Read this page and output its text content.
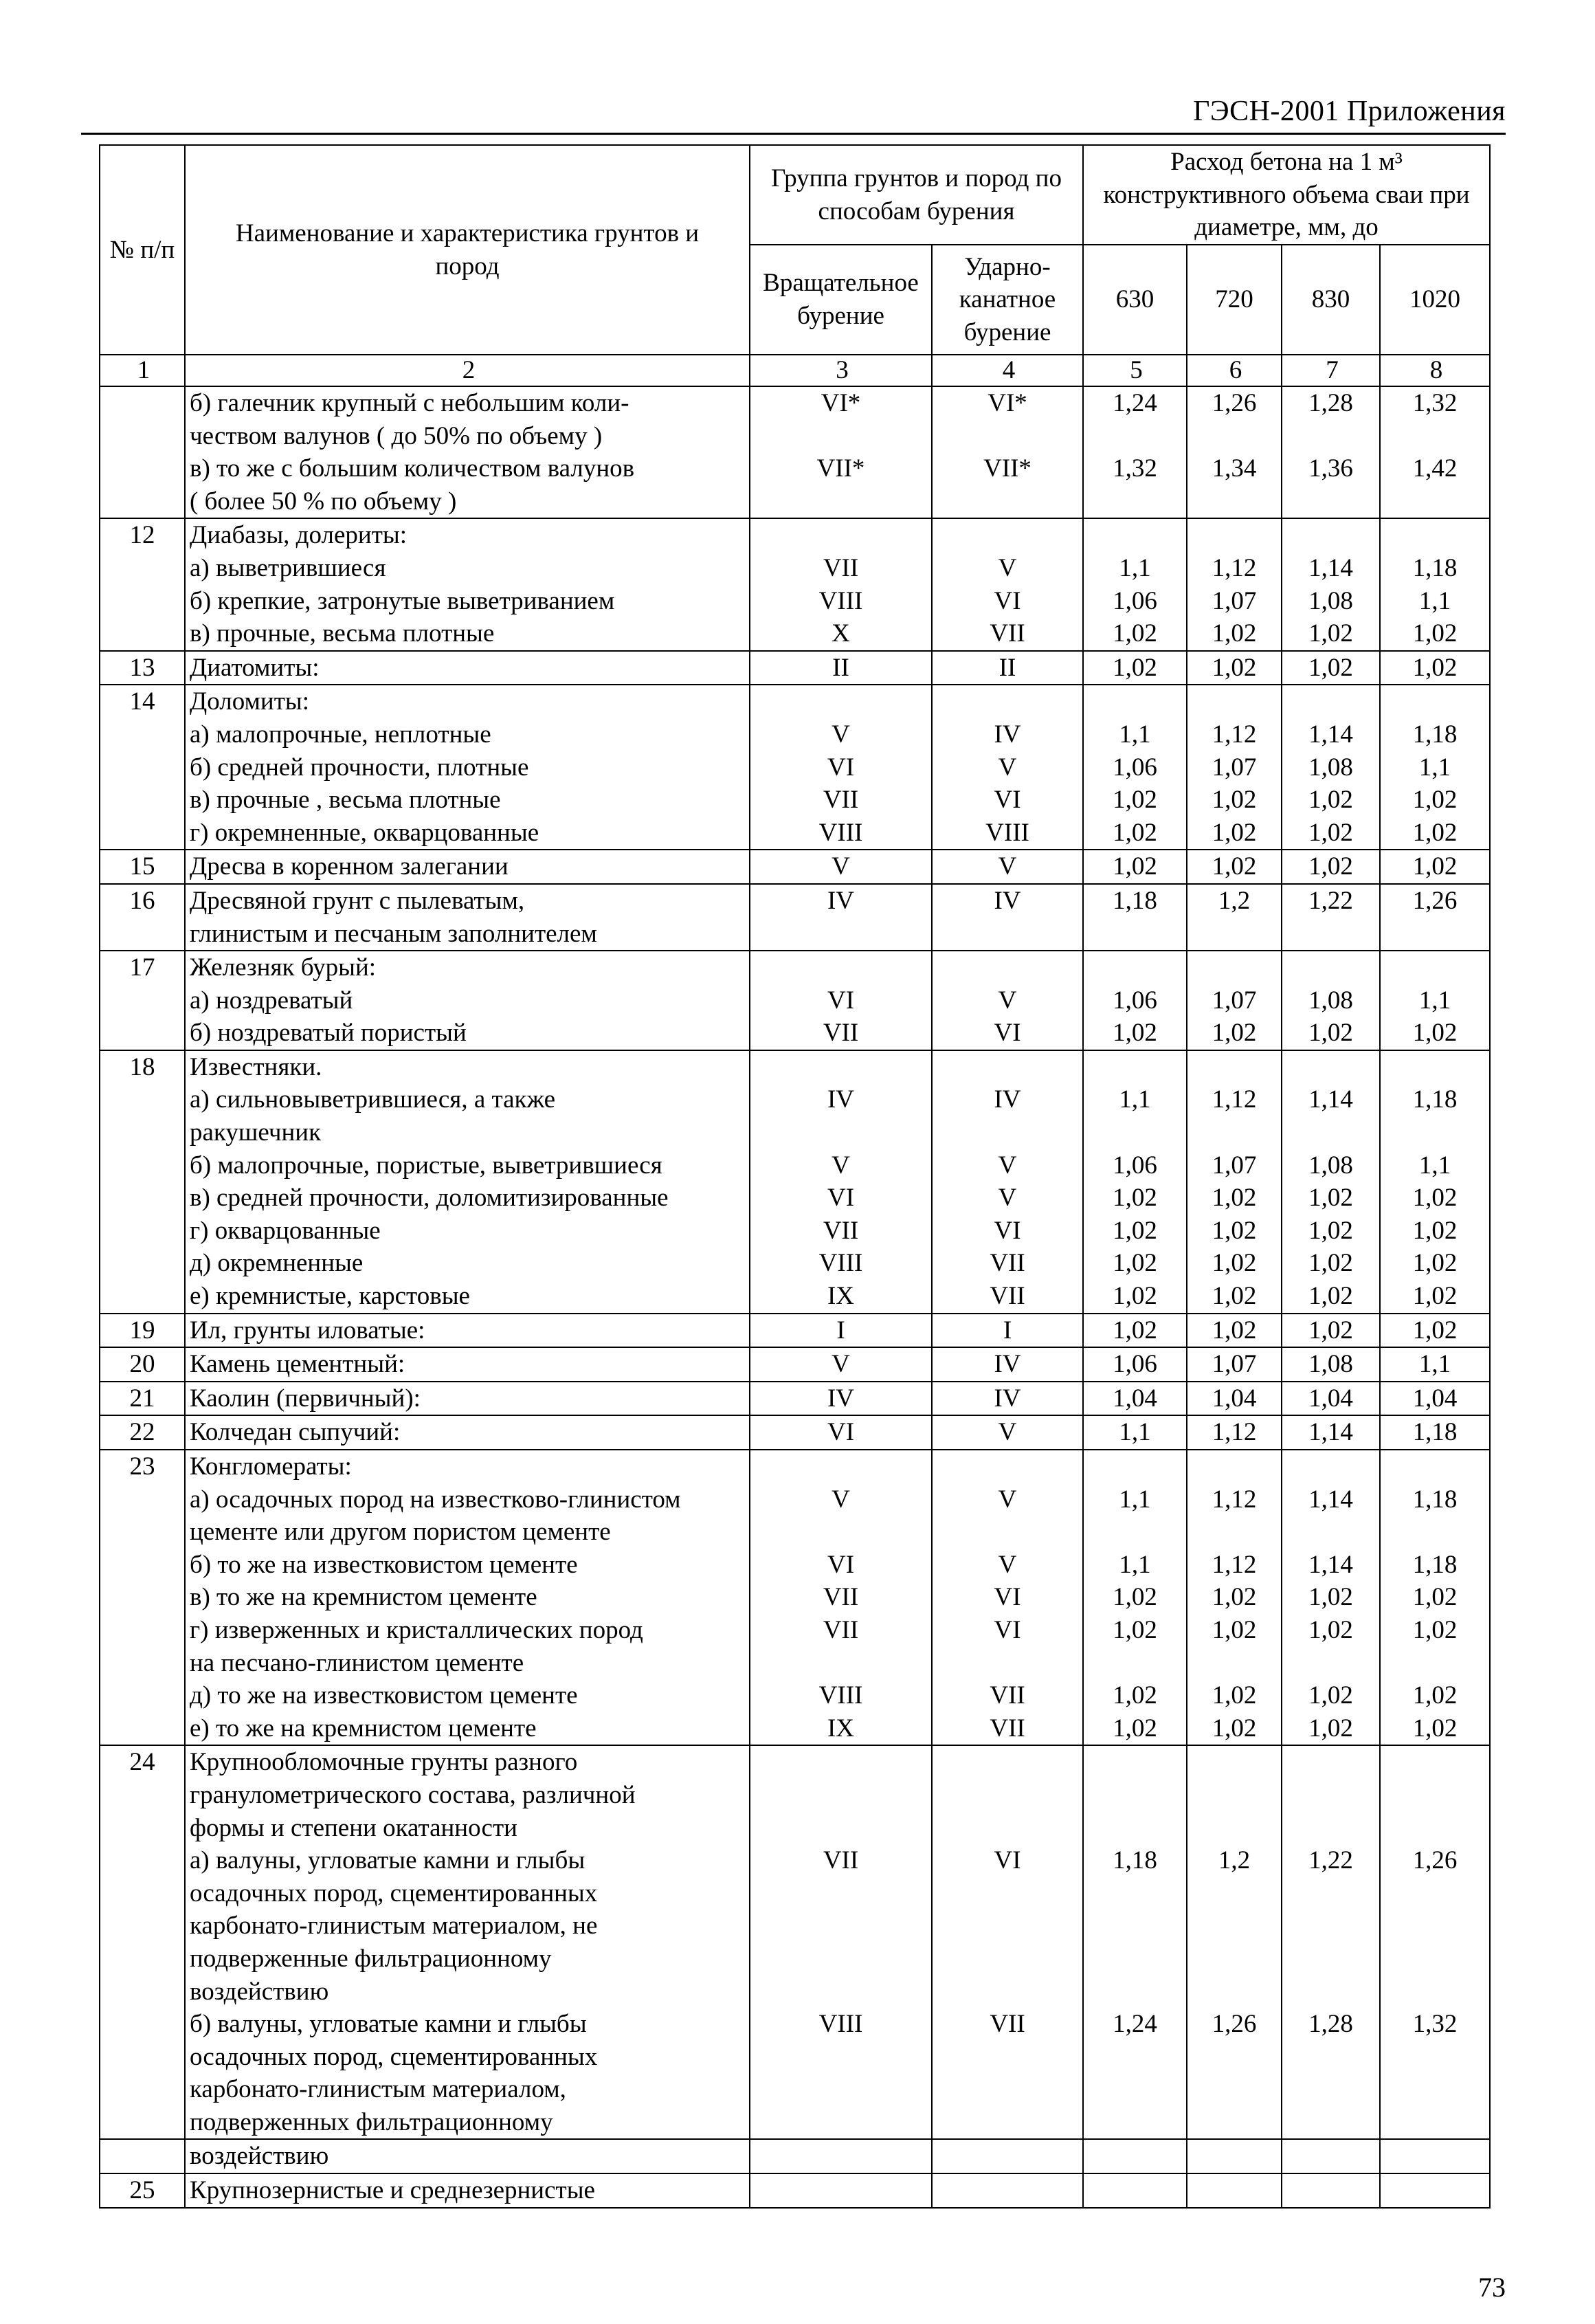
ГЭСН-2001 Приложения
№ п/п	Наименование и характеристика грунтов и пород	Группа грунтов и пород по способам бурения		Расход бетона на 1 м³ конструктивного объема сваи при диаметре, мм, до			
		Вращательное бурение	Ударно-канатное бурение	630	720	830	1020
1	2	3	4	5	6	7	8
	б) галечник крупный с небольшим коли-	VI*	VI*	1,24	1,26	1,28	1,32
	чеством валунов ( до 50% по объему )						
	в) то же с большим количеством валунов	VII*	VII*	1,32	1,34	1,36	1,42
	( более 50 % по объему )						
12	Диабазы, долериты:						
	а) выветрившиеся	VII	V	1,1	1,12	1,14	1,18
	б) крепкие, затронутые выветриванием	VIII	VI	1,06	1,07	1,08	1,1
	в) прочные, весьма плотные	X	VII	1,02	1,02	1,02	1,02
13	Диатомиты:	II	II	1,02	1,02	1,02	1,02
14	Доломиты:						
	а) малопрочные, неплотные	V	IV	1,1	1,12	1,14	1,18
	б) средней прочности, плотные	VI	V	1,06	1,07	1,08	1,1
	в) прочные , весьма плотные	VII	VI	1,02	1,02	1,02	1,02
	г) окремненные, окварцованные	VIII	VIII	1,02	1,02	1,02	1,02
15	Дресва в коренном залегании	V	V	1,02	1,02	1,02	1,02
16	Дресвяной грунт с пылеватым,	IV	IV	1,18	1,2	1,22	1,26
	глинистым и песчаным заполнителем						
17	Железняк бурый:						
	а) ноздреватый	VI	V	1,06	1,07	1,08	1,1
	б) ноздреватый пористый	VII	VI	1,02	1,02	1,02	1,02
18	Известняки.						
	а) сильновыветрившиеся, а также	IV	IV	1,1	1,12	1,14	1,18
	ракушечник						
	б) малопрочные, пористые, выветрившиеся	V	V	1,06	1,07	1,08	1,1
	в) средней прочности, доломитизированные	VI	V	1,02	1,02	1,02	1,02
	г) окварцованные	VII	VI	1,02	1,02	1,02	1,02
	д) окремненные	VIII	VII	1,02	1,02	1,02	1,02
	е) кремнистые, карстовые	IX	VII	1,02	1,02	1,02	1,02
19	Ил, грунты иловатые:	I	I	1,02	1,02	1,02	1,02
20	Камень цементный:	V	IV	1,06	1,07	1,08	1,1
21	Каолин (первичный):	IV	IV	1,04	1,04	1,04	1,04
22	Колчедан сыпучий:	VI	V	1,1	1,12	1,14	1,18
23	Конгломераты:						
	а) осадочных пород на известково-глинистом	V	V	1,1	1,12	1,14	1,18
	цементе или другом пористом цементе						
	б) то же на известковистом цементе	VI	V	1,1	1,12	1,14	1,18
	в) то же на кремнистом цементе	VII	VI	1,02	1,02	1,02	1,02
	г) изверженных и кристаллических пород	VII	VI	1,02	1,02	1,02	1,02
	на песчано-глинистом цементе						
	д) то же на известковистом цементе	VIII	VII	1,02	1,02	1,02	1,02
	е) то же на кремнистом цементе	IX	VII	1,02	1,02	1,02	1,02
24	Крупнообломочные грунты разного						
	гранулометрического состава, различной						
	формы и степени окатанности						
	а) валуны, угловатые камни и глыбы	VII	VI	1,18	1,2	1,22	1,26
	осадочных пород, сцементированных						
	карбонато-глинистым материалом, не						
	подверженные фильтрационному						
	воздействию						
	б) валуны, угловатые камни и глыбы	VIII	VII	1,24	1,26	1,28	1,32
	осадочных пород, сцементированных						
	карбонато-глинистым материалом,						
	подверженных фильтрационному						
	воздействию						
25	Крупнозернистые и среднезернистые						
73
